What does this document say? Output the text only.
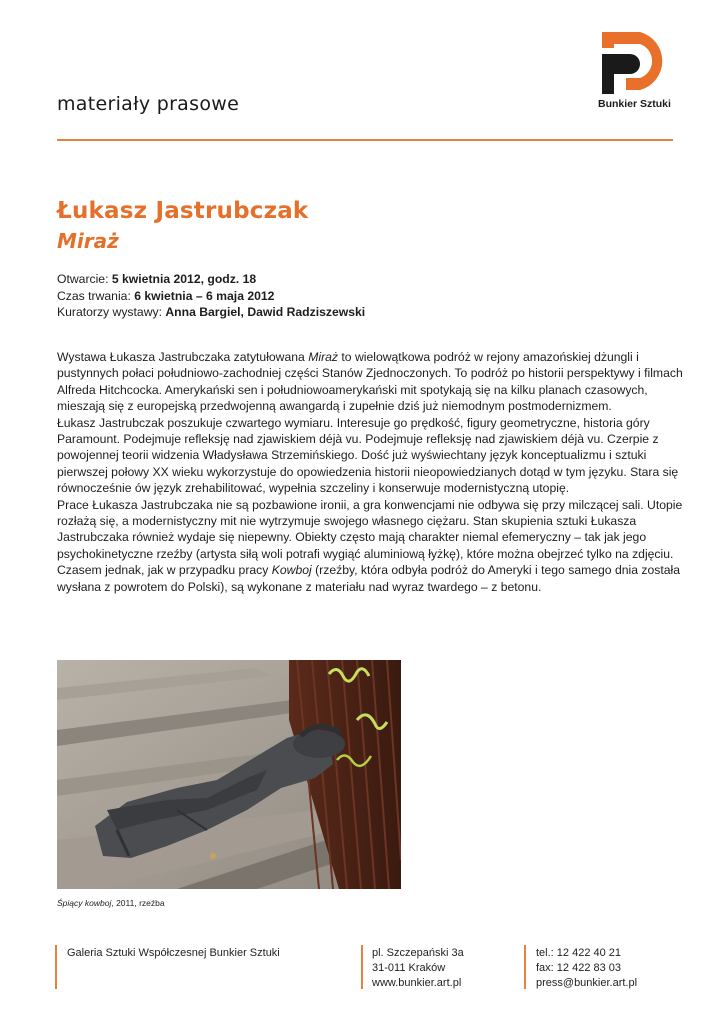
materiały prasowe	Bunkier Sztuki
Łukasz Jastrubczak
Miraż
Otwarcie: 5 kwietnia 2012, godz. 18
Czas trwania: 6 kwietnia – 6 maja 2012
Kuratorzy wystawy: Anna Bargiel, Dawid Radziszewski

Wystawa Łukasza Jastrubczaka zatytułowana Miraż to wielowątkowa podróż w rejony amazońskiej dżungli i pustynnych połaci południowo-zachodniej części Stanów Zjednoczonych. To podróż po historii perspektywy i filmach Alfreda Hitchcocka. Amerykański sen i południowoamerykański mit spotykają się na kilku planach czasowych, mieszają się z europejską przedwojenną awangardą i zupełnie dziś już niemodnym postmodernizmem.

Łukasz Jastrubczak poszukuje czwartego wymiaru. Interesuje go prędkość, figury geometryczne, historia góry Paramount. Podejmuje refleksję nad zjawiskiem déjà vu. Podejmuje refleksję nad zjawiskiem déjà vu. Czerpie z powojennej teorii widzenia Władysława Strzemińskiego. Dość już wyświechtany język konceptualizmu i sztuki pierwszej połowy XX wieku wykorzystuje do opowiedzenia historii nieopowiedzianych dotąd w tym języku. Stara się równocześnie ów język zrehabilitować, wypełnia szczeliny i konserwuje modernistyczną utopię.

Prace Łukasza Jastrubczaka nie są pozbawione ironii, a gra konwencjami nie odbywa się przy milczącej sali. Utopie rozłażą się, a modernistyczny mit nie wytrzymuje swojego własnego ciężaru. Stan skupienia sztuki Łukasza Jastrubczaka również wydaje się niepewny. Obiekty często mają charakter niemal efemeryczny – tak jak jego psychokinetyczne rzeźby (artysta siłą woli potrafi wygiąć aluminiową łyżkę), które można obejrzeć tylko na zdjęciu. Czasem jednak, jak w przypadku pracy Kowboj (rzeźby, która odbyła podróż do Ameryki i tego samego dnia została wysłana z powrotem do Polski), są wykonane z materiału nad wyraz twardego – z betonu.

Śpiący kowboj, 2011, rzeźba
Galeria Sztuki Współczesnej Bunkier Sztuki	pl. Szczepański 3a
31-011 Kraków
www.bunkier.art.pl
tel.: 12 422 40 21
fax: 12 422 83 03
press@bunkier.art.pl
